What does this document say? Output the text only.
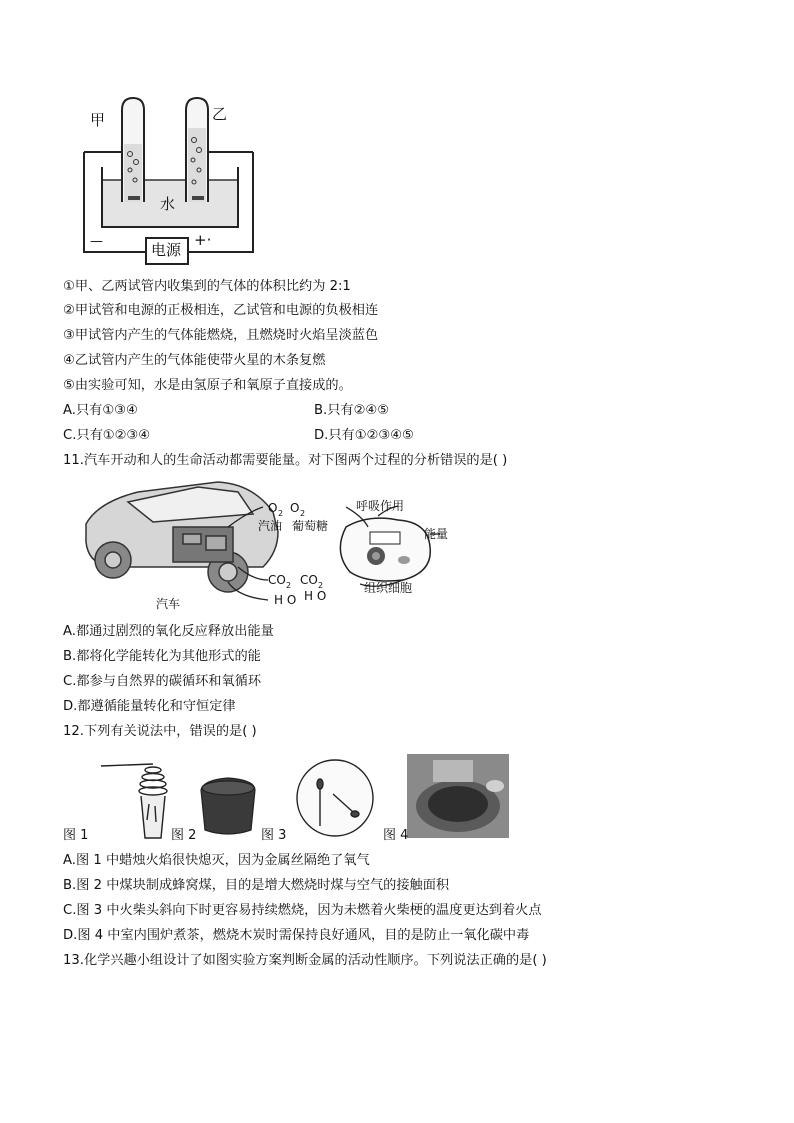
甲	乙
水
电源
—	+·
①甲、乙两试管内收集到的气体的体积比约为 2:1
②甲试管和电源的正极相连，乙试管和电源的负极相连
③甲试管内产生的气体能燃烧，且燃烧时火焰呈淡蓝色
④乙试管内产生的气体能使带火星的木条复燃
⑤由实验可知，水是由氢原子和氧原子直接成的。
A.只有①③④	B.只有②④⑤
C.只有①②③④	D.只有①②③④⑤
11.汽车开动和人的生命活动都需要能量。对下图两个过程的分析错误的是( )
O 2 O 2
汽油 葡萄糖
呼吸作用
能量
CO 2 CO 2	组织细胞
H O H O
汽车
A.都通过剧烈的氧化反应释放出能量
B.都将化学能转化为其他形式的能
C.都参与自然界的碳循环和氧循环
D.都遵循能量转化和守恒定律
12.下列有关说法中，错误的是( )
图 1	图 2	图 3	图 4
A.图 1 中蜡烛火焰很快熄灭，因为金属丝隔绝了氧气
B.图 2 中煤块制成蜂窝煤，目的是增大燃烧时煤与空气的接触面积
C.图 3 中火柴头斜向下时更容易持续燃烧，因为未燃着火柴梗的温度更达到着火点
D.图 4 中室内围炉煮茶，燃烧木炭时需保持良好通风，目的是防止一氧化碳中毒
13.化学兴趣小组设计了如图实验方案判断金属的活动性顺序。下列说法正确的是( )
